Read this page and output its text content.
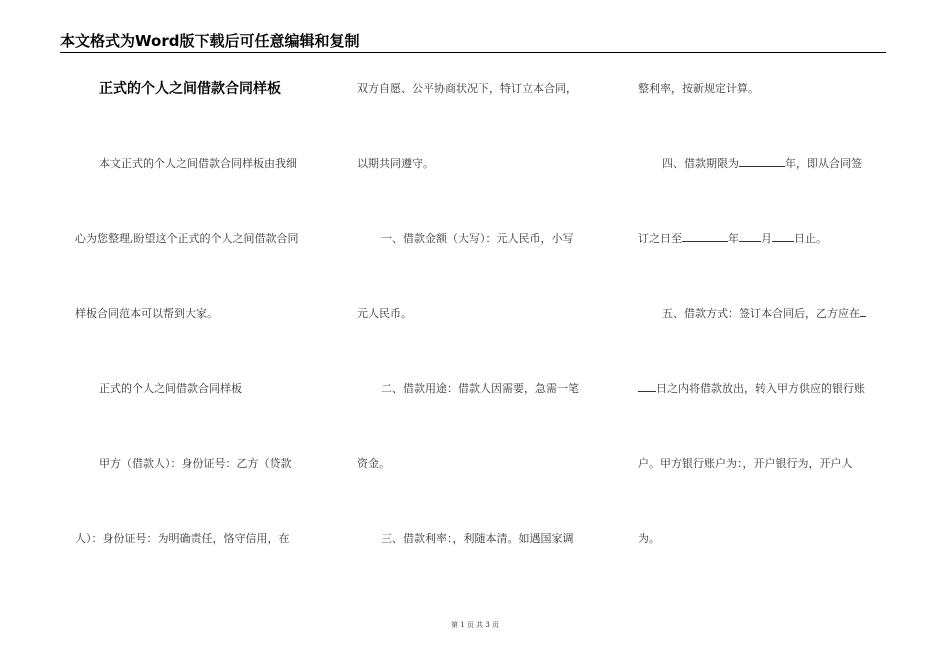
本文格式为Word版下载后可任意编辑和复制
正式的个人之间借款合同样板
本文正式的个人之间借款合同样板由我细
心为您整理,盼望这个正式的个人之间借款合同
样板合同范本可以帮到大家。
正式的个人之间借款合同样板
甲方（借款人）：身份证号：乙方（贷款
人）：身份证号：为明确责任，恪守信用，在
双方自愿、公平协商状况下，特订立本合同，
以期共同遵守。
一、借款金额（大写）：元人民币，小写
元人民币。
二、借款用途：借款人因需要，急需一笔
资金。
三、借款利率：，利随本清。如遇国家调
整利率，按新规定计算。
四、借款期限为	年，即从合同签
订之日至	年 月 日止。
五、借款方式：签订本合同后，乙方应在
日之内将借款放出，转入甲方供应的银行账
户。甲方银行账户为：，开户银行为，开户人
为。
第 1 页 共 3 页
